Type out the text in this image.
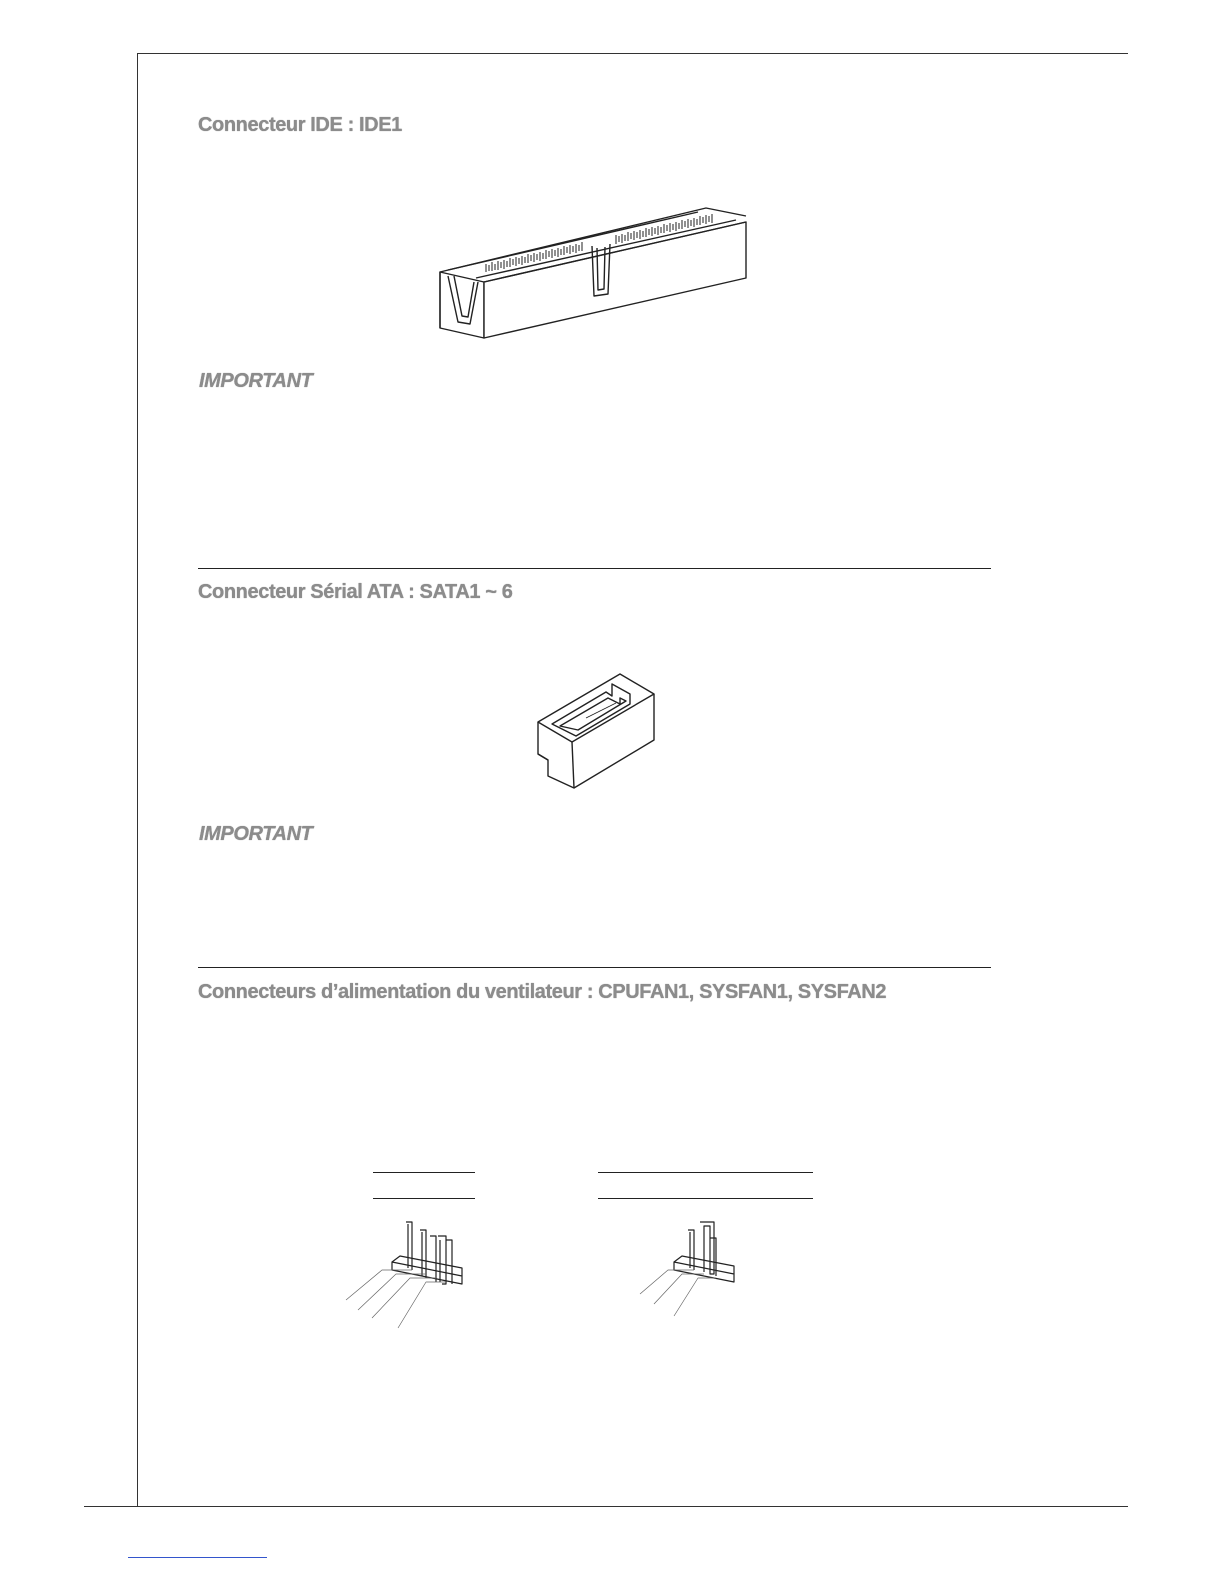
Connecteur IDE : IDE1
IMPORTANT
Connecteur Sérial ATA : SATA1 ~ 6
IMPORTANT
Connecteurs d’alimentation du ventilateur : CPUFAN1, SYSFAN1, SYSFAN2
